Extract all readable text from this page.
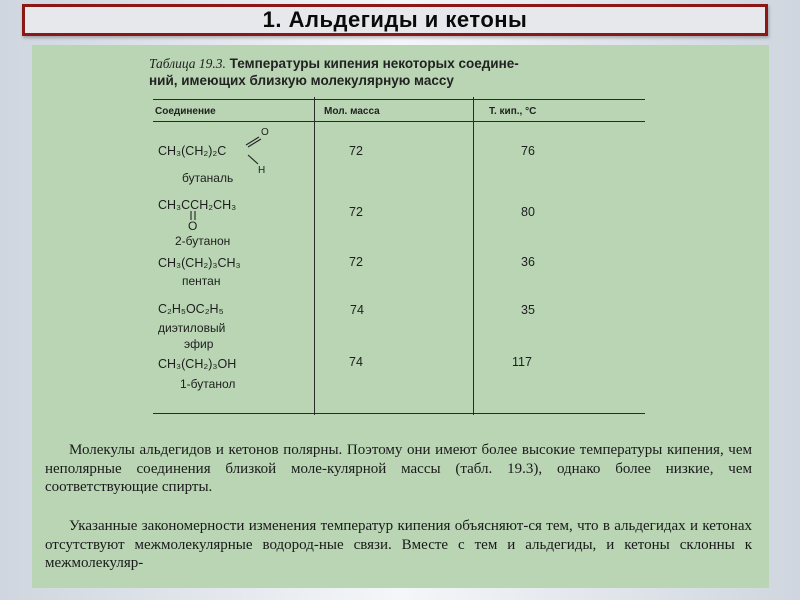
1. Альдегиды и кетоны
Таблица 19.3. Температуры кипения некоторых соедине-
ний, имеющих близкую молекулярную массу
Соединение	Мол. масса	Т. кип., °С
CH₃(CH₂)₂C
O
H
бутаналь
72	76
CH₃CCH₂CH₃
O
2-бутанон
72	80
CH₃(CH₂)₃CH₃
пентан
72	36
C₂H₅OC₂H₅
диэтиловый
эфир
74	35
CH₃(CH₂)₃OH
1-бутанол
74	117
Молекулы альдегидов и кетонов полярны. Поэтому они имеют более высокие температуры кипения, чем неполярные соединения близкой моле-кулярной массы (табл. 19.3), однако более низкие, чем соответствующие спирты.
Указанные закономерности изменения температур кипения объясняют-ся тем, что в альдегидах и кетонах отсутствуют межмолекулярные водород-ные связи. Вместе с тем и альдегиды, и кетоны склонны к межмолекуляр-
